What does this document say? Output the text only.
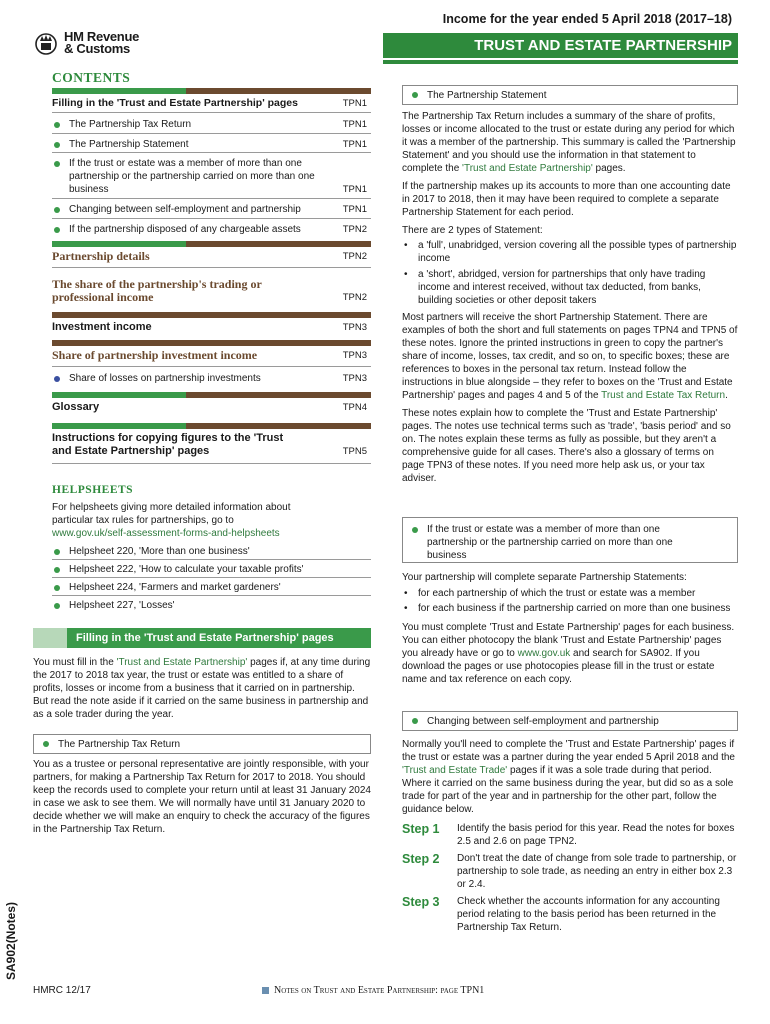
Income for the year ended 5 April 2018 (2017–18)
HM Revenue
& Customs	TRUST AND ESTATE PARTNERSHIP
CONTENTS
Filling in the 'Trust and Estate Partnership' pages	TPN1
The Partnership Tax Return	TPN1
The Partnership Statement	TPN1
If the trust or estate was a member of more than one partnership or the partnership carried on more than one business	TPN1
Changing between self-employment and partnership	TPN1
If the partnership disposed of any chargeable assets	TPN2
Partnership details	TPN2
The share of the partnership's trading or professional income	TPN2
Investment income	TPN3
Share of partnership investment income	TPN3
Share of losses on partnership investments	TPN3
Glossary	TPN4
Instructions for copying figures to the 'Trust and Estate Partnership' pages	TPN5
HELPSHEETS
For helpsheets giving more detailed information about particular tax rules for partnerships, go to www.gov.uk/self-assessment-forms-and-helpsheets
Helpsheet 220, 'More than one business'
Helpsheet 222, 'How to calculate your taxable profits'
Helpsheet 224, 'Farmers and market gardeners'
Helpsheet 227, 'Losses'
Filling in the 'Trust and Estate Partnership' pages
You must fill in the 'Trust and Estate Partnership' pages if, at any time during the 2017 to 2018 tax year, the trust or estate was entitled to a share of profits, losses or income from a business that it carried on in partnership. But read the note aside if it carried on the same business in partnership and as a sole trader during the year.
The Partnership Tax Return
You as a trustee or personal representative are jointly responsible, with your partners, for making a Partnership Tax Return for 2017 to 2018. You should keep the records used to complete your return until at least 31 January 2024 in case we ask to see them. We will normally have until 31 January 2020 to decide whether we will make an enquiry to check the accuracy of the figures in the Partnership Tax Return.
SA902(Notes)
HMRC 12/17	Notes on Trust and Estate Partnership: page TPN1
The Partnership Statement
The Partnership Tax Return includes a summary of the share of profits, losses or income allocated to the trust or estate during any period for which it was a member of the partnership. This summary is called the 'Partnership Statement' and you should use the information in that statement to complete the 'Trust and Estate Partnership' pages.
If the partnership makes up its accounts to more than one accounting date in 2017 to 2018, then it may have been required to complete a separate Partnership Statement for each period.
There are 2 types of Statement:
• a 'full', unabridged, version covering all the possible types of partnership income
• a 'short', abridged, version for partnerships that only have trading income and interest received, without tax deducted, from banks, building societies or other deposit takers
Most partners will receive the short Partnership Statement. There are examples of both the short and full statements on pages TPN4 and TPN5 of these notes. Ignore the printed instructions in green to copy the partner's share of income, losses, tax credit, and so on, to specific boxes; these are references to boxes in the personal tax return. Instead follow the instructions in blue alongside – they refer to boxes on the 'Trust and Estate Partnership' pages and pages 4 and 5 of the Trust and Estate Tax Return.
These notes explain how to complete the 'Trust and Estate Partnership' pages. The notes use technical terms such as 'trade', 'basis period' and so on. The notes explain these terms as fully as possible, but they aren't a comprehensive guide for all cases. There's also a glossary of terms on page TPN3 of these notes. If you need more help ask us, or your tax adviser.
If the trust or estate was a member of more than one partnership or the partnership carried on more than one business
Your partnership will complete separate Partnership Statements:
• for each partnership of which the trust or estate was a member
• for each business if the partnership carried on more than one business
You must complete 'Trust and Estate Partnership' pages for each business. You can either photocopy the blank 'Trust and Estate Partnership' pages you already have or go to www.gov.uk and search for SA902. If you download the pages or use photocopies please fill in the trust or estate name and tax reference on each copy.
Changing between self-employment and partnership
Normally you'll need to complete the 'Trust and Estate Partnership' pages if the trust or estate was a partner during the year ended 5 April 2018 and the 'Trust and Estate Trade' pages if it was a sole trade during that period. Where it carried on the same business during the year, but did so as a sole trade for part of the year and in partnership for the other part, follow the guidance below.
Step 1	Identify the basis period for this year. Read the notes for boxes 2.5 and 2.6 on page TPN2.
Step 2	Don't treat the date of change from sole trade to partnership, or partnership to sole trade, as needing an entry in either box 2.3 or 2.4.
Step 3	Check whether the accounts information for any accounting period relating to the basis period has been returned in the Partnership Tax Return.
